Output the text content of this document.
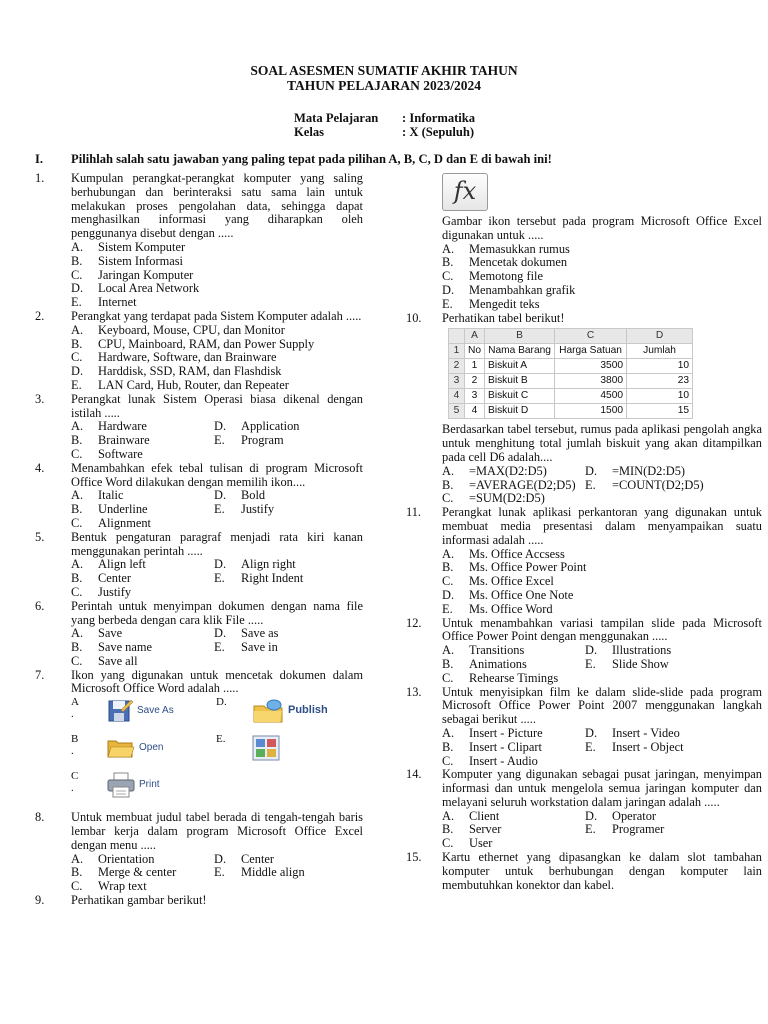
SOAL ASESMEN SUMATIF AKHIR TAHUN
TAHUN PELAJARAN 2023/2024
Mata Pelajaran	: Informatika
Kelas	: X (Sepuluh)
I.	Pilihlah salah satu jawaban yang paling tepat pada pilihan A, B, C, D dan E di bawah ini!
1.	Kumpulan perangkat-perangkat komputer yang saling berhubungan dan berinteraksi satu sama lain untuk melakukan proses pengolahan data, sehingga dapat menghasilkan informasi yang diharapkan oleh penggunanya disebut dengan .....
A.	Sistem Komputer
B.	Sistem Informasi
C.	Jaringan Komputer
D.	Local Area Network
E.	Internet
2.	Perangkat yang terdapat pada Sistem Komputer adalah .....
A.	Keyboard, Mouse, CPU, dan Monitor
B.	CPU, Mainboard, RAM, dan Power Supply
C.	Hardware, Software, dan Brainware
D.	Harddisk, SSD, RAM, dan Flashdisk
E.	LAN Card, Hub, Router, dan Repeater
3.	Perangkat lunak Sistem Operasi biasa dikenal dengan istilah .....
A.	Hardware	D.	Application
B.	Brainware	E.	Program
C.	Software
4.	Menambahkan efek tebal tulisan di program Microsoft Office Word dilakukan dengan memilih ikon....
A.	Italic	D.	Bold
B.	Underline	E.	Justify
C.	Alignment
5.	Bentuk pengaturan paragraf menjadi rata kiri kanan menggunakan perintah .....
A.	Align left	D.	Align right
B.	Center	E.	Right Indent
C.	Justify
6.	Perintah untuk menyimpan dokumen dengan nama file yang berbeda dengan cara klik File .....
A.	Save	D.	Save as
B.	Save name	E.	Save in
C.	Save all
7.	Ikon yang digunakan untuk mencetak dokumen dalam Microsoft Office Word adalah .....
A
.	Save As
D.
Publish
B
.	Open
E.
C
.	Print
8.	Untuk membuat judul tabel berada di tengah-tengah baris lembar kerja dalam program Microsoft Office Excel dengan menu .....
A.	Orientation	D.	Center
B.	Merge & center	E.	Middle align
C.	Wrap text
9.	Perhatikan gambar berikut!
fx
Gambar ikon tersebut pada program Microsoft Office Excel digunakan untuk .....
A.	Memasukkan rumus
B.	Mencetak dokumen
C.	Memotong file
D.	Menambahkan grafik
E.	Mengedit teks
10.	Perhatikan tabel berikut!
	A	B	C	D
1	No	Nama Barang	Harga Satuan	Jumlah
2	1	Biskuit A	3500	10
3	2	Biskuit B	3800	23
4	3	Biskuit C	4500	10
5	4	Biskuit D	1500	15
Berdasarkan tabel tersebut, rumus pada aplikasi pengolah angka untuk menghitung total jumlah biskuit yang akan ditampilkan pada cell D6 adalah....
A.	=MAX(D2:D5)	D.	=MIN(D2:D5)
B.	=AVERAGE(D2;D5) E.	=COUNT(D2;D5)
C.	=SUM(D2:D5)
11.	Perangkat lunak aplikasi perkantoran yang digunakan untuk membuat media presentasi dalam menyampaikan suatu informasi adalah .....
A.	Ms. Office Accsess
B.	Ms. Office Power Point
C.	Ms. Office Excel
D.	Ms. Office One Note
E.	Ms. Office Word
12.	Untuk menambahkan variasi tampilan slide pada Microsoft Office Power Point dengan menggunakan .....
A.	Transitions	D.	Illustrations
B.	Animations	E.	Slide Show
C.	Rehearse Timings
13.	Untuk menyisipkan film ke dalam slide-slide pada program Microsoft Office Power Point 2007 menggunakan langkah sebagai berikut .....
A.	Insert - Picture	D.	Insert - Video
B.	Insert - Clipart	E.	Insert - Object
C.	Insert - Audio
14.	Komputer yang digunakan sebagai pusat jaringan, menyimpan informasi dan untuk mengelola semua jaringan komputer dan melayani seluruh workstation dalam jaringan adalah .....
A.	Client	D.	Operator
B.	Server	E.	Programer
C.	User
15.	Kartu ethernet yang dipasangkan ke dalam slot tambahan komputer untuk berhubungan dengan komputer lain membutuhkan konektor dan kabel.
